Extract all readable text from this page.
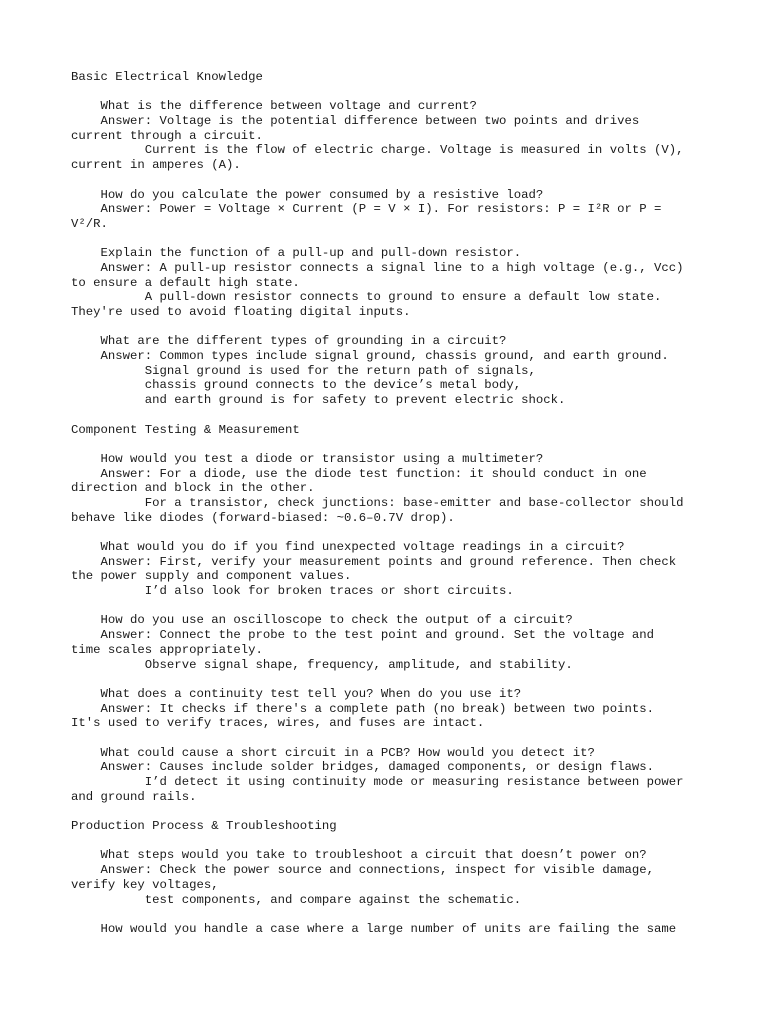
Basic Electrical Knowledge
What is the difference between voltage and current?
Answer: Voltage is the potential difference between two points and drives
current through a circuit.
Current is the flow of electric charge. Voltage is measured in volts (V),
current in amperes (A).
How do you calculate the power consumed by a resistive load?
Answer: Power = Voltage × Current (P = V × I). For resistors: P = I²R or P =
V²/R.
Explain the function of a pull-up and pull-down resistor.
Answer: A pull-up resistor connects a signal line to a high voltage (e.g., Vcc)
to ensure a default high state.
A pull-down resistor connects to ground to ensure a default low state.
They're used to avoid floating digital inputs.
What are the different types of grounding in a circuit?
Answer: Common types include signal ground, chassis ground, and earth ground.
Signal ground is used for the return path of signals,
chassis ground connects to the device’s metal body,
and earth ground is for safety to prevent electric shock.
Component Testing & Measurement
How would you test a diode or transistor using a multimeter?
Answer: For a diode, use the diode test function: it should conduct in one
direction and block in the other.
For a transistor, check junctions: base-emitter and base-collector should
behave like diodes (forward-biased: ~0.6–0.7V drop).
What would you do if you find unexpected voltage readings in a circuit?
Answer: First, verify your measurement points and ground reference. Then check
the power supply and component values.
I’d also look for broken traces or short circuits.
How do you use an oscilloscope to check the output of a circuit?
Answer: Connect the probe to the test point and ground. Set the voltage and
time scales appropriately.
Observe signal shape, frequency, amplitude, and stability.
What does a continuity test tell you? When do you use it?
Answer: It checks if there's a complete path (no break) between two points.
It's used to verify traces, wires, and fuses are intact.
What could cause a short circuit in a PCB? How would you detect it?
Answer: Causes include solder bridges, damaged components, or design flaws.
I’d detect it using continuity mode or measuring resistance between power
and ground rails.
Production Process & Troubleshooting
What steps would you take to troubleshoot a circuit that doesn’t power on?
Answer: Check the power source and connections, inspect for visible damage,
verify key voltages,
test components, and compare against the schematic.
How would you handle a case where a large number of units are failing the same
